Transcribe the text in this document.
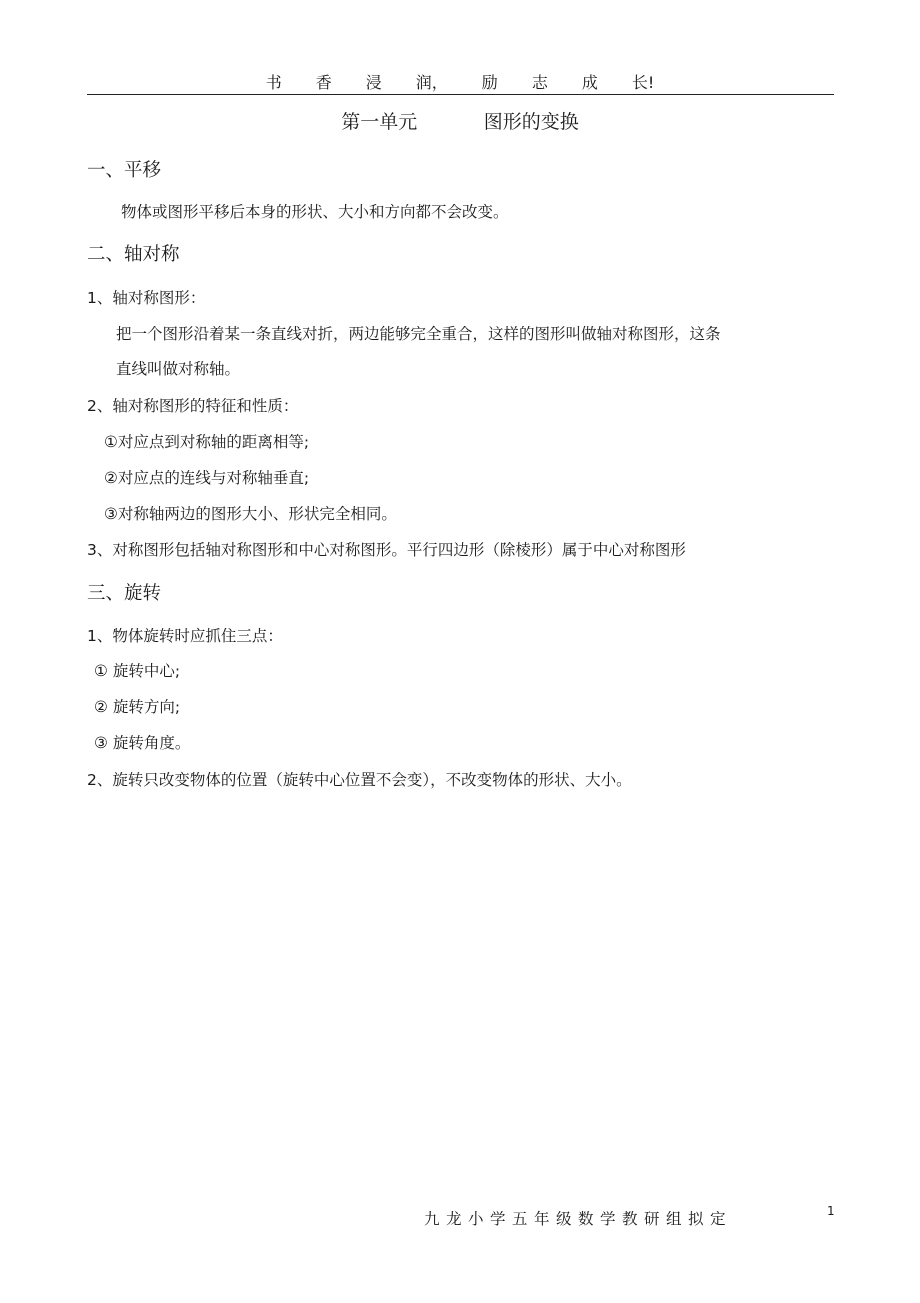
书 香 浸 润， 励 志 成 长!
第一单元           图形的变换
一、平移
物体或图形平移后本身的形状、大小和方向都不会改变。
二、轴对称
1、轴对称图形：
把一个图形沿着某一条直线对折，两边能够完全重合，这样的图形叫做轴对称图形，这条
直线叫做对称轴。
2、轴对称图形的特征和性质：
①对应点到对称轴的距离相等;
②对应点的连线与对称轴垂直;
③对称轴两边的图形大小、形状完全相同。
3、对称图形包括轴对称图形和中心对称图形。平行四边形（除棱形）属于中心对称图形
三、旋转
1、物体旋转时应抓住三点：
① 旋转中心;
② 旋转方向;
③ 旋转角度。
2、旋转只改变物体的位置（旋转中心位置不会变），不改变物体的形状、大小。
九龙小学五年级数学教研组拟定	1
